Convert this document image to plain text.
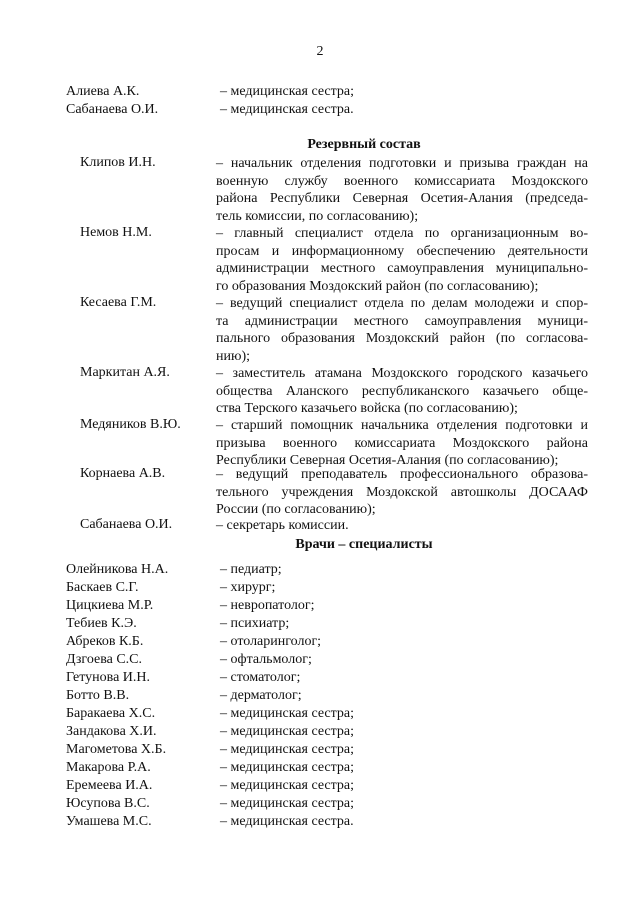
2
Алиева А.К.	– медицинская сестра;
Сабанаева О.И.	– медицинская сестра.
Резервный состав
Клипов И.Н.	– начальник отделения подготовки и призыва граждан на
военную службу военного комиссариата Моздокского
района Республики Северная Осетия-Алания (председа-
тель комиссии, по согласованию);
Немов Н.М.	– главный специалист отдела по организационным во-
просам и информационному обеспечению деятельности
администрации местного самоуправления муниципально-
го образования Моздокский район (по согласованию);
Кесаева Г.М.	– ведущий специалист отдела по делам молодежи и спор-
та администрации местного самоуправления муници-
пального образования Моздокский район (по согласова-
нию);
Маркитан А.Я.	– заместитель атамана Моздокского городского казачьего
общества Аланского республиканского казачьего обще-
ства Терского казачьего войска (по согласованию);
Медяников В.Ю.	– старший помощник начальника отделения подготовки и
призыва военного комиссариата Моздокского района
Республики Северная Осетия-Алания (по согласованию);
Корнаева А.В.	– ведущий преподаватель профессионального образова-
тельного учреждения Моздокской автошколы ДОСААФ
России (по согласованию);
Сабанаева О.И.	– секретарь комиссии.
Врачи – специалисты
Олейникова Н.А.	– педиатр;
Баскаев С.Г.	– хирург;
Цицкиева М.Р.	– невропатолог;
Тебиев К.Э.	– психиатр;
Абреков К.Б.	– отоларинголог;
Дзгоева С.С.	– офтальмолог;
Гетунова И.Н.	– стоматолог;
Ботто В.В.	– дерматолог;
Баракаева Х.С.	– медицинская сестра;
Зандакова Х.И.	– медицинская сестра;
Магометова Х.Б.	– медицинская сестра;
Макарова Р.А.	– медицинская сестра;
Еремеева И.А.	– медицинская сестра;
Юсупова В.С.	– медицинская сестра;
Умашева М.С.	– медицинская сестра.
